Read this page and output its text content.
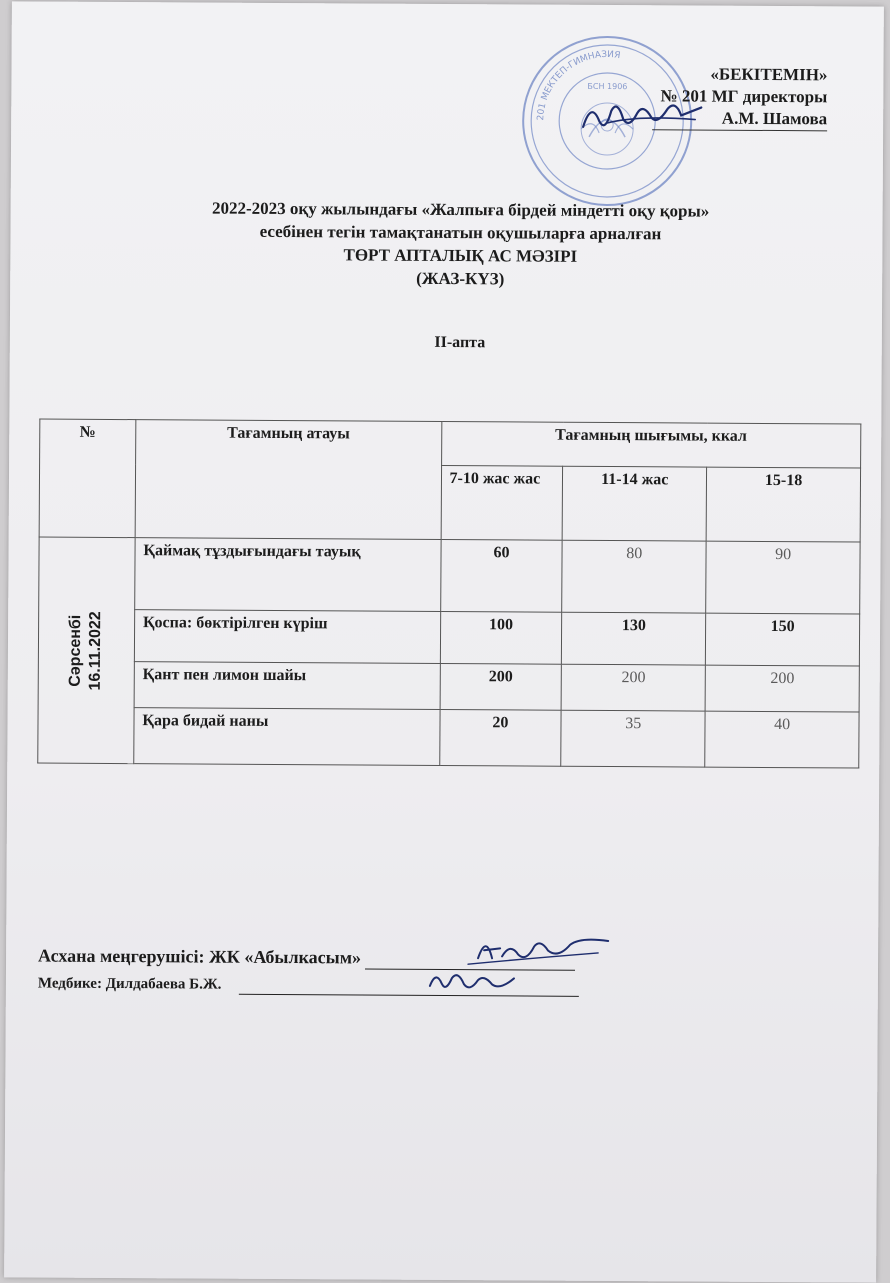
201 МЕКТЕП-ГИМНАЗИЯ
БСН 1906
«БЕКІТЕМІН»
№ 201 МГ директоры
А.М. Шамова
2022-2023 оқу жылындағы «Жалпыға бірдей міндетті оқу қоры»
есебінен тегін тамақтанатын оқушыларға арналған
ТӨРТ АПТАЛЫҚ АС МӘЗІРІ
(ЖАЗ-КҮЗ)
ІІ-апта
№	Тағамның атауы	Тағамның шығымы, ккал		
		7-10 жас жас	11-14 жас	15-18

Сәрсенбі 16.11.2022	Қаймақ тұздығындағы тауық	60	80	90
	Қоспа: бөктірілген күріш	100	130	150
	Қант пен лимон шайы	200	200	200
	Қара бидай наны	20	35	40
Асхана меңгерушісі: ЖК «Абылкасым»
Медбике: Дилдабаева Б.Ж.
